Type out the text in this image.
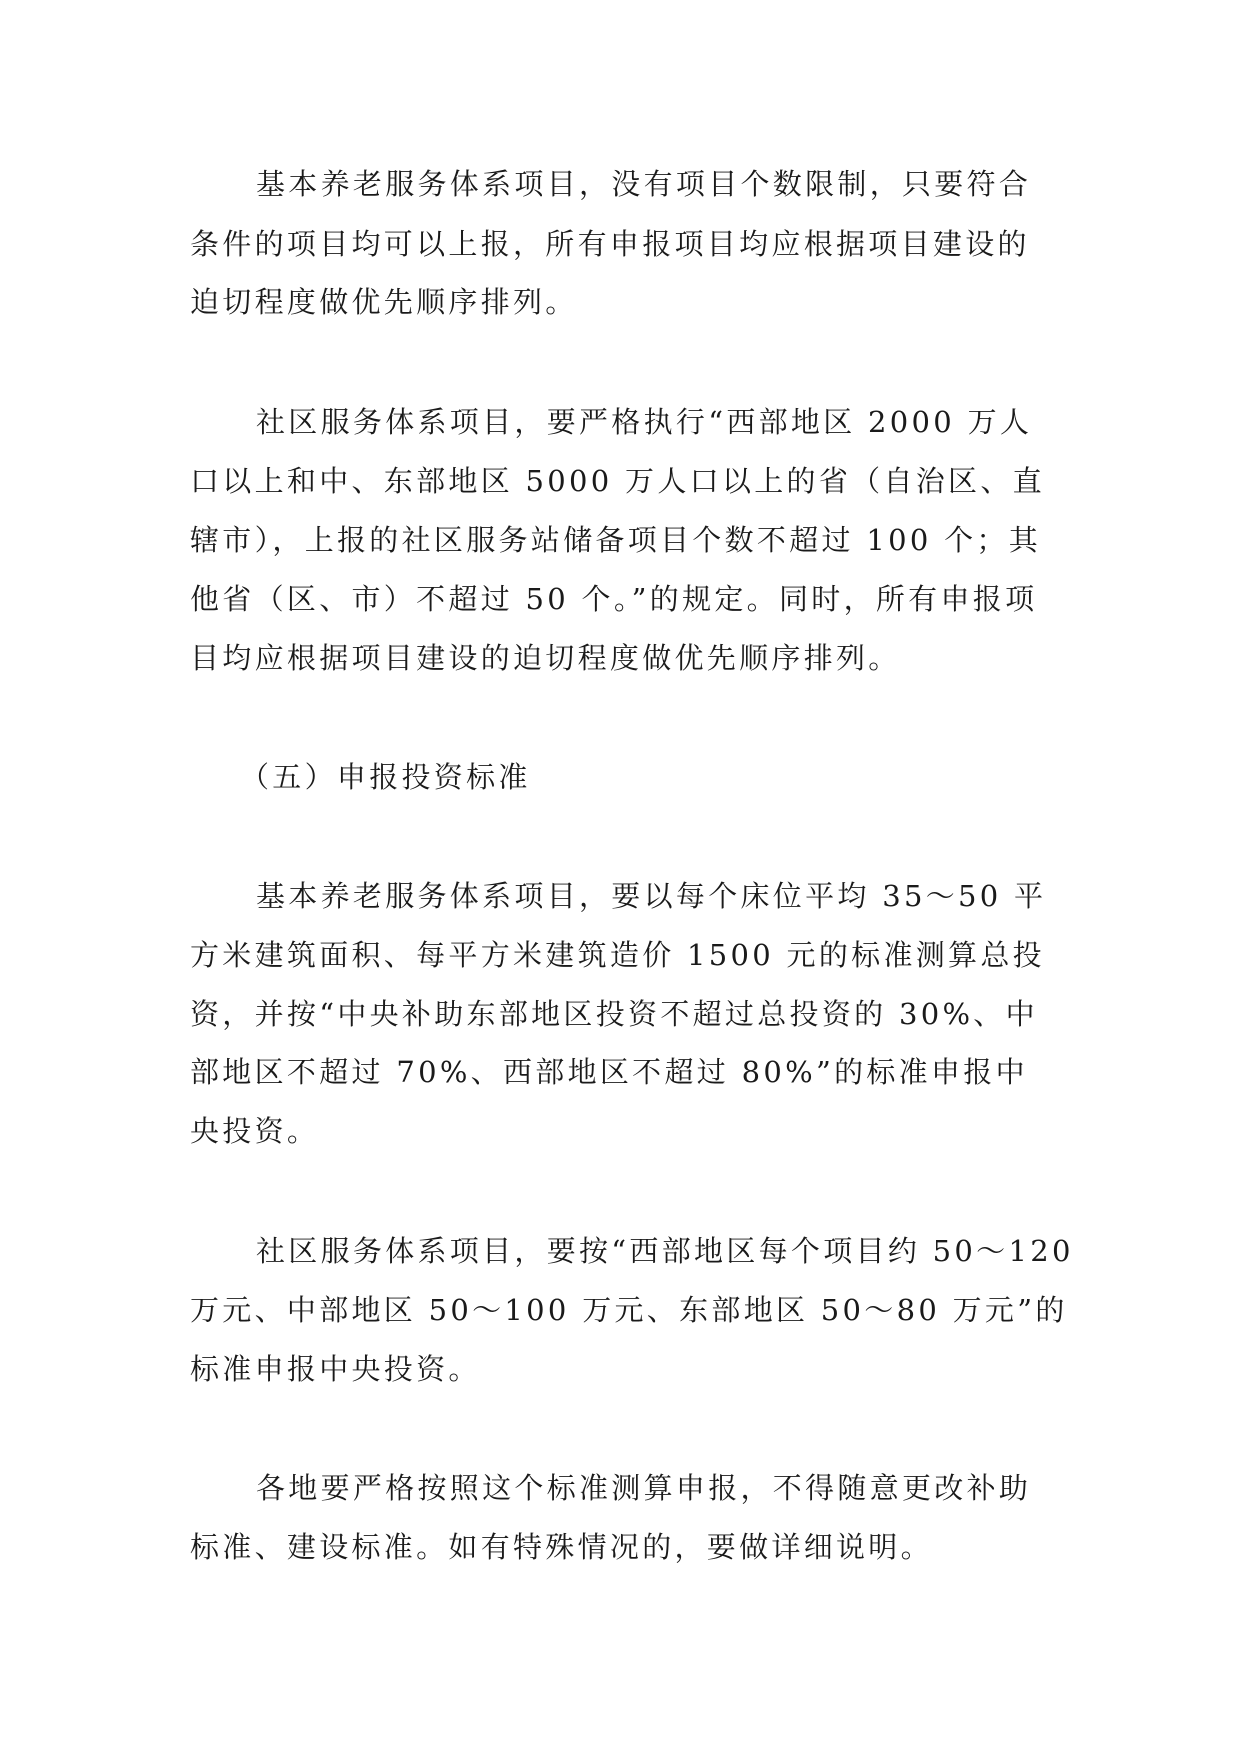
基本养老服务体系项目，没有项目个数限制，只要符合
条件的项目均可以上报，所有申报项目均应根据项目建设的
迫切程度做优先顺序排列。
社区服务体系项目，要严格执行“西部地区 2000 万人
口以上和中、东部地区 5000 万人口以上的省（自治区、直
辖市），上报的社区服务站储备项目个数不超过 100 个；其
他省（区、市）不超过 50 个。”的规定。同时，所有申报项
目均应根据项目建设的迫切程度做优先顺序排列。
（五）申报投资标准
基本养老服务体系项目，要以每个床位平均 35～50 平
方米建筑面积、每平方米建筑造价 1500 元的标准测算总投
资，并按“中央补助东部地区投资不超过总投资的 30%、中
部地区不超过 70%、西部地区不超过 80%”的标准申报中
央投资。
社区服务体系项目，要按“西部地区每个项目约 50～120
万元、中部地区 50～100 万元、东部地区 50～80 万元”的
标准申报中央投资。
各地要严格按照这个标准测算申报，不得随意更改补助
标准、建设标准。如有特殊情况的，要做详细说明。
